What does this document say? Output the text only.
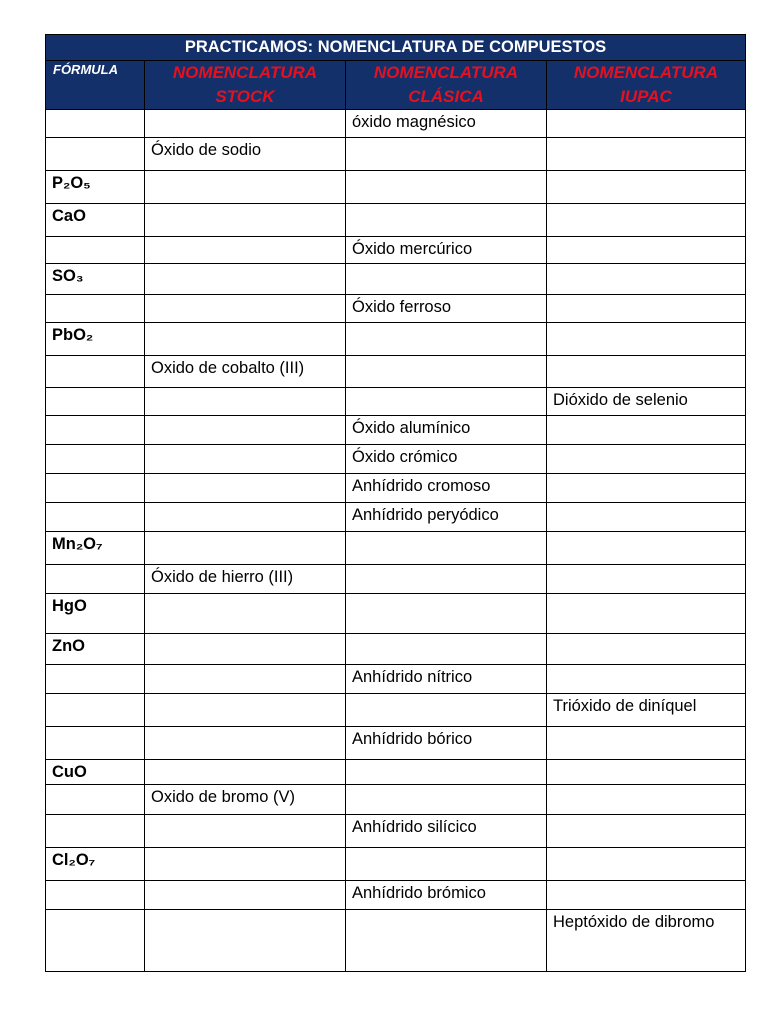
PRACTICAMOS: NOMENCLATURA DE COMPUESTOS			
FÓRMULA	NOMENCLATURA STOCK	NOMENCLATURA CLÁSICA	NOMENCLATURA IUPAC
		óxido magnésico	
	Óxido de sodio		
P₂O₅			
CaO			
		Óxido mercúrico	
SO₃			
		Óxido ferroso	
PbO₂			
	Oxido de cobalto (III)		
			Dióxido de selenio
		Óxido alumínico	
		Óxido crómico	
		Anhídrido cromoso	
		Anhídrido peryódico	
Mn₂O₇			
	Óxido de hierro (III)		
HgO			
ZnO			
		Anhídrido nítrico	
			Trióxido de diníquel
		Anhídrido bórico	
CuO			
	Oxido de bromo (V)		
		Anhídrido silícico	
Cl₂O₇			
		Anhídrido brómico	
			Heptóxido de dibromo
